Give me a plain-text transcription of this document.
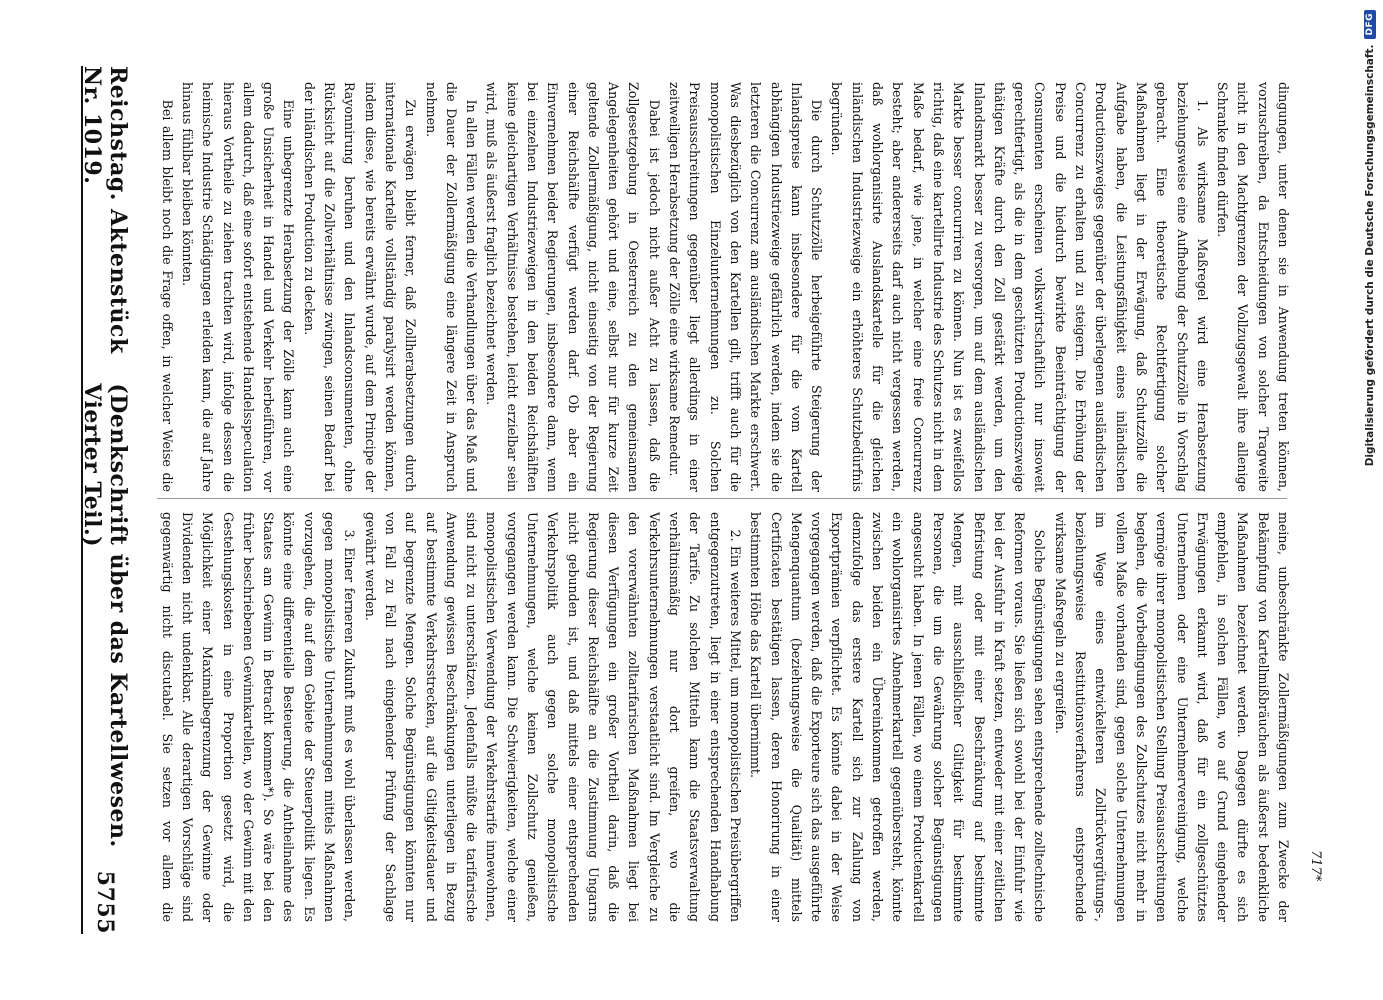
Reichstag. Aktenstück Nr. 1019.
(Denkschrift über das Kartellwesen. Vierter Teil.)
5755

dingungen, unter denen sie in Anwendung treten können, vorzuschreiben, da Entscheidungen von solcher Tragweite nicht in den Machtgrenzen der Vollzugsgewalt ihre allenige Schranke finden dürfen.

1. Als wirksame Maßregel wird eine Herabsetzung beziehungsweise eine Aufhebung der Schutzzölle in Vorschlag gebracht. Eine theoretische Rechtfertigung solcher Maßnahmen liegt in der Erwägung, daß Schutzzölle die Aufgabe haben, die Leistungsfähigkeit eines inländischen Productionszweiges gegenüber der überlegenen ausländischen Concurrenz zu erhalten und zu steigern. Die Erhöhung der Preise und die hiedurch bewirkte Beeinträchtigung der Consumenten erscheinen volkswirtschaftlich nur insoweit gerechtfertigt, als die in dem geschützten Productionszweige thätigen Kräfte durch den Zoll gestärkt werden, um den Inlandsmarkt besser zu versorgen, um auf dem ausländischen Markte besser concurriren zu können. Nun ist es zweifellos richtig, daß eine kartellirte Industrie des Schutzes nicht in dem Maße bedarf, wie jene, in welcher eine freie Concurrenz besteht; aber andererseits darf auch nicht vergessen werden, daß wohlorganisirte Auslandskartelle für die gleichen inländischen Industriezweige ein erhöhteres Schutzbedürfnis begründen.

Die durch Schutzzölle herbeigeführte Steigerung der Inlandspreise kann insbesondere für die vom Kartell abhängigen Industriezweige gefährlich werden, indem sie die letzteren die Concurrenz am ausländischen Markte erschwert. Was diesbezüglich von den Kartellen gilt, trifft auch für die monopolistischen Einzelunternehmungen zu. Solchen Preisausschreitungen gegenüber liegt allerdings in einer zeitweiligen Herabsetzung der Zölle eine wirksame Remedur.

Dabei ist jedoch nicht außer Acht zu lassen, daß die Zollgesetzgebung in Oesterreich zu den gemeinsamen Angelegenheiten gehört und eine, selbst nur für kurze Zeit geltende Zollermäßigung, nicht einseitig von der Regierung einer Reichshälfte verfügt werden darf. Ob aber ein Einvernehmen beider Regierungen, insbesondere dann, wenn bei einzelnen Industriezweigen in den beiden Reichshälften keine gleichartigen Verhältnisse bestehen, leicht erzielbar sein wird, muß als äußerst fraglich bezeichnet werden.

In allen Fällen werden die Verhandlungen über das Maß und die Dauer der Zollermäßigung eine längere Zeit in Anspruch nehmen.

Zu erwägen bleibt ferner, daß Zollherabsetzungen durch internationale Kartelle vollständig paralysirt werden können, indem diese, wie bereits erwähnt wurde, auf dem Principe der Rayonnirung beruhen und den Inlandsconsumenten, ohne Rücksicht auf die Zollverhältnisse zwingen, seinen Bedarf bei der inländischen Production zu decken.

Eine unbegrenzte Herabsetzung der Zölle kann auch eine große Unsicherheit in Handel und Verkehr herbeiführen, vor allem dadurch, daß eine sofort entstehende Handelsspeculation hieraus Vortheile zu ziehen trachten wird, infolge dessen die heimische Industrie Schädigungen erleiden kann, die auf Jahre hinaus fühlbar bleiben könnten.

Bei allem bleibt noch die Frage offen, in welcher Weise die

meine, unbeschränkte Zollermäßigungen zum Zwecke der Bekämpfung von Kartellmißbräuchen als äußerst bedenkliche Maßnahmen bezeichnet werden. Dagegen dürfte es sich empfehlen, in solchen Fällen, wo auf Grund eingehender Erwägungen erkannt wird, daß für ein zollgeschütztes Unternehmen oder eine Unternehmervereinigung, welche vermöge ihrer monopolistischen Stellung Preisausschreitungen begehen, die Vorbedingungen des Zollschutzes nicht mehr in vollem Maße vorhanden sind, gegen solche Unternehmungen im Wege eines entwickelteren Zollrückvergütungs-, beziehungsweise Restitutionsverfahrens entsprechende wirksame Maßregeln zu ergreifen.

Solche Begünstigungen sehen entsprechende zolltechnische Reformen voraus. Sie ließen sich sowohl bei der Einfuhr wie bei der Ausfuhr in Kraft setzen, entweder mit einer zeitlichen Befristung oder mit einer Beschränkung auf bestimmte Mengen, mit ausschließlicher Giltigkeit für bestimmte Personen, die um die Gewährung solcher Begünstigungen angesucht haben. In jenen Fällen, wo einem Productenkartell ein wohlorganisirtes Abnehmerkartell gegenübersteht, könnte zwischen beiden ein Übereinkommen getroffen werden, demzufolge das erstere Kartell sich zur Zahlung von Exportprämien verpflichtet. Es könnte dabei in der Weise vorgegangen werden, daß die Exporteure sich das ausgeführte Mengenquantum (beziehungsweise die Qualität) mittels Certificaten bestätigen lassen, deren Honorirung in einer bestimmten Höhe das Kartell übernimmt.

2. Ein weiteres Mittel, um monopolistischen Preisübergriffen entgegenzutreten, liegt in einer entsprechenden Handhabung der Tarife. Zu solchen Mitteln kann die Staatsverwaltung verhältnismäßig nur dort greifen, wo die Verkehrsunternehmungen verstaatlicht sind. Im Vergleiche zu den vorerwähnten zolltarifarischen Maßnahmen liegt bei diesen Verfügungen ein großer Vortheil darin, daß die Regierung dieser Reichshälfte an die Zustimmung Ungarns nicht gebunden ist, und daß mittels einer entsprechenden Verkehrspolitik auch gegen solche monopolistische Unternehmungen, welche keinen Zollschutz genießen, vorgegangen werden kann. Die Schwierigkeiten, welche einer monopolistischen Verwendung der Verkehrstarife innewohnen, sind nicht zu unterschätzen. Jedenfalls müßte die tarifarische Anwendung gewissen Beschränkungen unterliegen in Bezug auf bestimmte Verkehrsstrecken, auf die Giltigkeitsdauer und auf begrenzte Mengen. Solche Begünstigungen könnten nur von Fall zu Fall nach eingehender Prüfung der Sachlage gewährt werden.

3. Einer ferneren Zukunft muß es wohl überlassen werden, gegen monopolistische Unternehmungen mittels Maßnahmen vorzugehen, die auf dem Gebiete der Steuerpolitik liegen. Es könnte eine differentielle Besteuerung, die Antheilnahme des Staates am Gewinn in Betracht kommen*). So wäre bei den früher beschriebenen Gewinnkartellen, wo der Gewinn mit den Gestehungskosten in eine Proportion gesetzt wird, die Möglichkeit einer Maximalbegrenzung der Gewinne oder Dividenden nicht undenkbar. Alle derartigen Vorschläge sind gegenwärtig nicht discutabel. Sie setzen vor allem die

717*
Digitalisierung gefördert durch die Deutsche Forschungsgemeinschaft.
DFG
